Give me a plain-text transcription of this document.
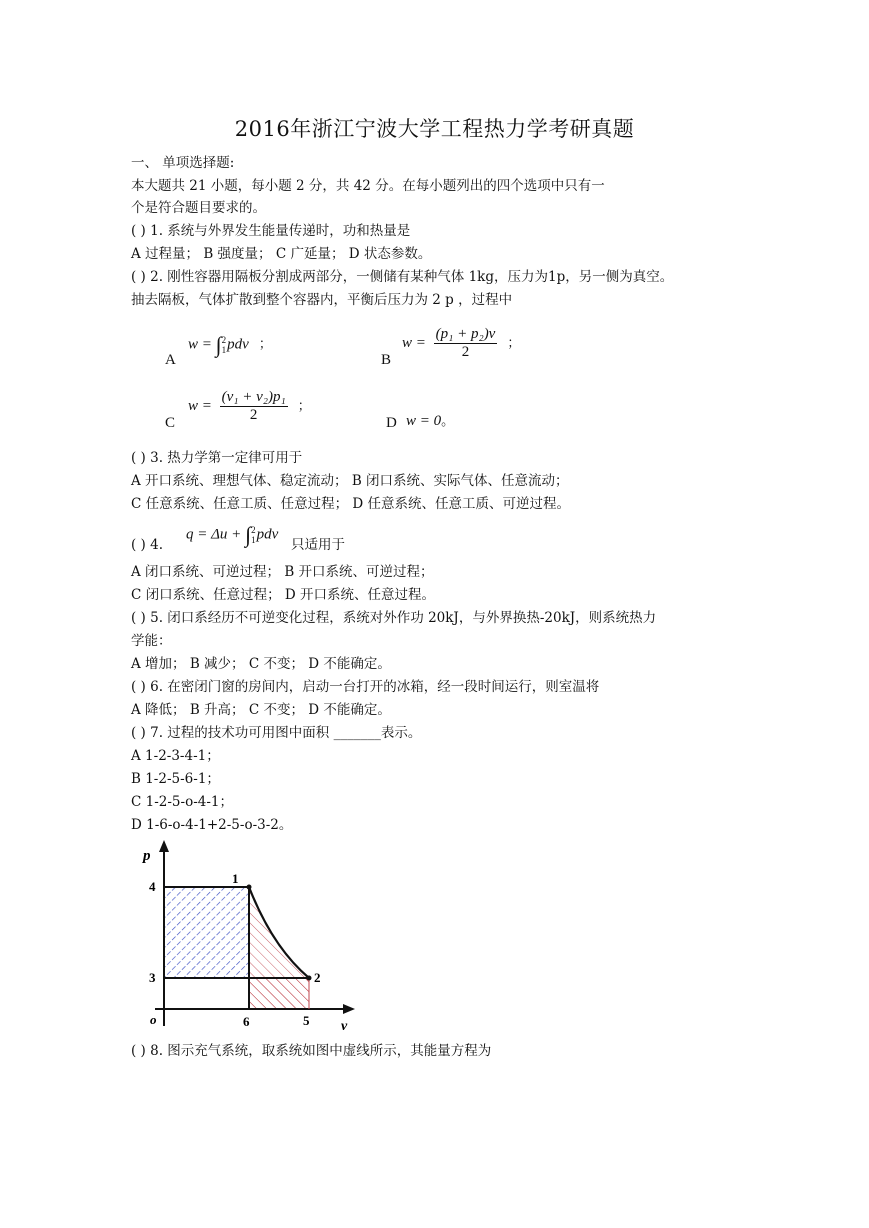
2016年浙江宁波大学工程热力学考研真题
一、 单项选择题:
本大题共 21 小题，每小题 2 分，共 42 分。在每小题列出的四个选项中只有一
个是符合题目要求的。
( ) 1. 系统与外界发生能量传递时，功和热量是
A 过程量； B 强度量； C 广延量； D 状态参数。
( ) 2. 刚性容器用隔板分割成两部分，一侧储有某种气体 1kg，压力为1p，另一侧为真空。
抽去隔板，气体扩散到整个容器内，平衡后压力为 2 p ，过程中
A
w = ∫ 2
1 pdv ；
B
$w = \frac{\text{(p₁ + p₂)v}}{2}$ ；
C
$w = \frac{\text{(v₁ + v₂)p₁}}{2}$ ；
D w = 0。
( ) 3. 热力学第一定律可用于
A 开口系统、理想气体、稳定流动； B 闭口系统、实际气体、任意流动；
C 任意系统、任意工质、任意过程； D 任意系统、任意工质、可逆过程。
( ) 4.
q = Δu + ∫ 2
1 pdv
只适用于
A 闭口系统、可逆过程； B 开口系统、可逆过程；
C 闭口系统、任意过程； D 开口系统、任意过程。
( ) 5. 闭口系经历不可逆变化过程，系统对外作功 20kJ，与外界换热-20kJ，则系统热力
学能：
A 增加； B 减少； C 不变； D 不能确定。
( ) 6. 在密闭门窗的房间内，启动一台打开的冰箱，经一段时间运行，则室温将
A 降低； B 升高； C 不变； D 不能确定。
( ) 7. 过程的技术功可用图中面积 _______表示。
A 1-2-3-4-1；
B 1-2-5-6-1；
C 1-2-5-o-4-1；
D 1-6-o-4-1+2-5-o-3-2。
p
v
o
1
2
3
4
5
6
( ) 8. 图示充气系统，取系统如图中虚线所示，其能量方程为
